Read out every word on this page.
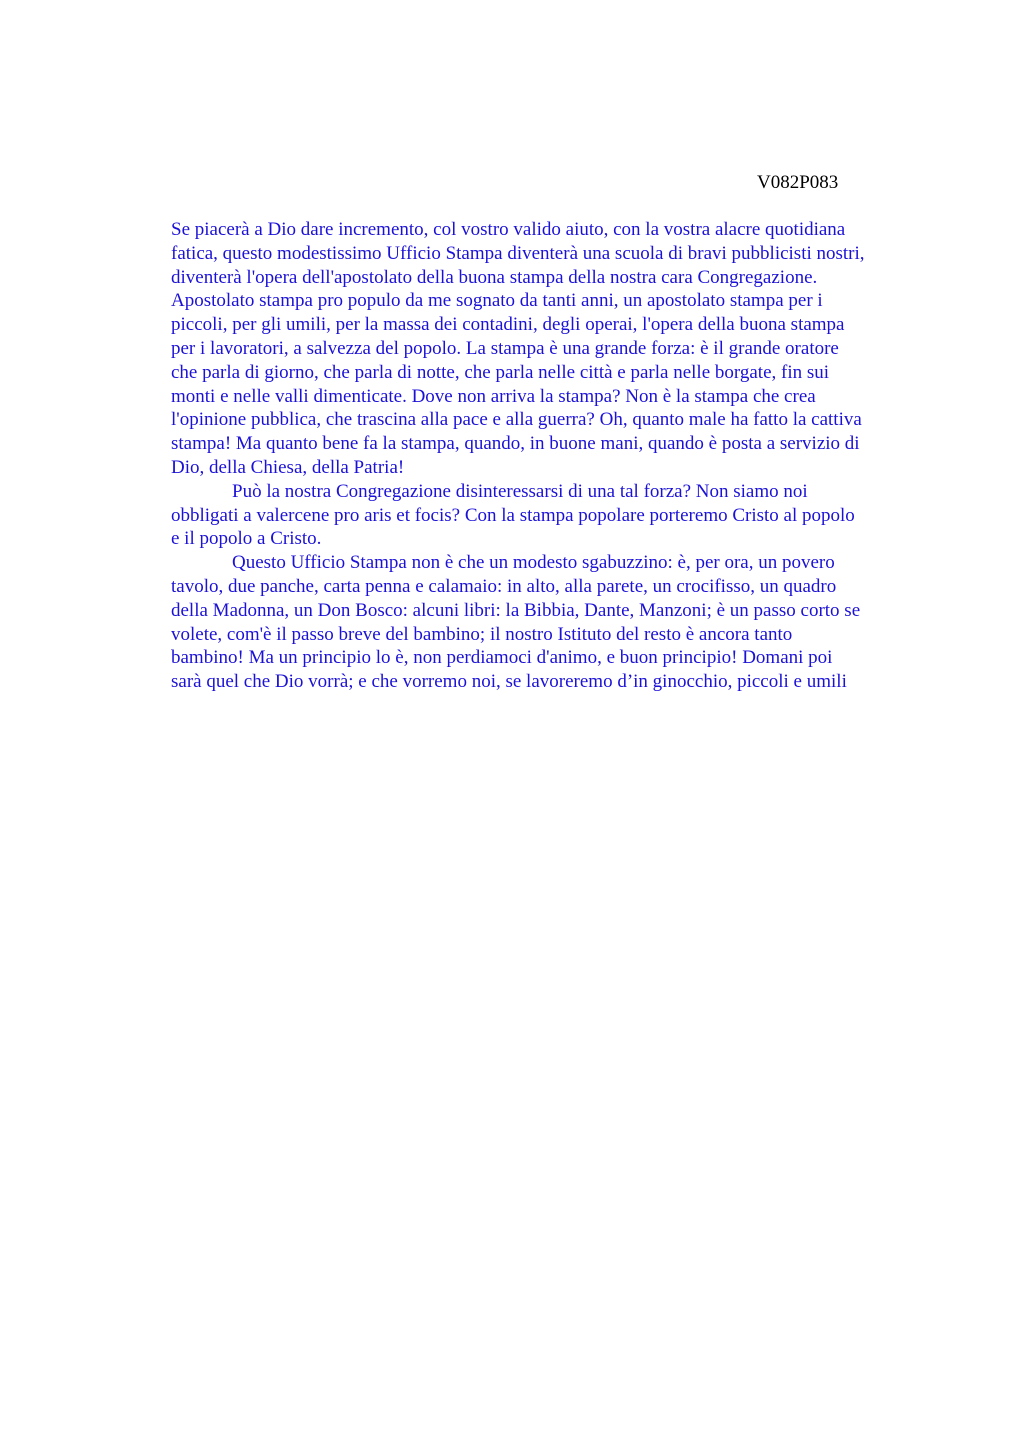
V082P083
Se piacerà a Dio dare incremento, col vostro valido aiuto, con la vostra alacre quotidiana
fatica, questo modestissimo Ufficio Stampa diventerà una scuola di bravi pubblicisti nostri,
diventerà l'opera dell'apostolato della buona stampa della nostra cara Congregazione.
Apostolato stampa pro populo da me sognato da tanti anni, un apostolato stampa per i
piccoli, per gli umili, per la massa dei contadini, degli operai, l'opera della buona stampa
per i lavoratori, a salvezza del popolo. La stampa è una grande forza: è il grande oratore
che parla di giorno, che parla di notte, che parla nelle città e parla nelle borgate, fin sui
monti e nelle valli dimenticate. Dove non arriva la stampa? Non è la stampa che crea
l'opinione pubblica, che trascina alla pace e alla guerra? Oh, quanto male ha fatto la cattiva
stampa! Ma quanto bene fa la stampa, quando, in buone mani, quando è posta a servizio di
Dio, della Chiesa, della Patria!
Può la nostra Congregazione disinteressarsi di una tal forza? Non siamo noi
obbligati a valercene pro aris et focis? Con la stampa popolare porteremo Cristo al popolo
e il popolo a Cristo.
Questo Ufficio Stampa non è che un modesto sgabuzzino: è, per ora, un povero
tavolo, due panche, carta penna e calamaio: in alto, alla parete, un crocifisso, un quadro
della Madonna, un Don Bosco: alcuni libri: la Bibbia, Dante, Manzoni; è un passo corto se
volete, com'è il passo breve del bambino; il nostro Istituto del resto è ancora tanto
bambino! Ma un principio lo è, non perdiamoci d'animo, e buon principio! Domani poi
sarà quel che Dio vorrà; e che vorremo noi, se lavoreremo d’in ginocchio, piccoli e umili
